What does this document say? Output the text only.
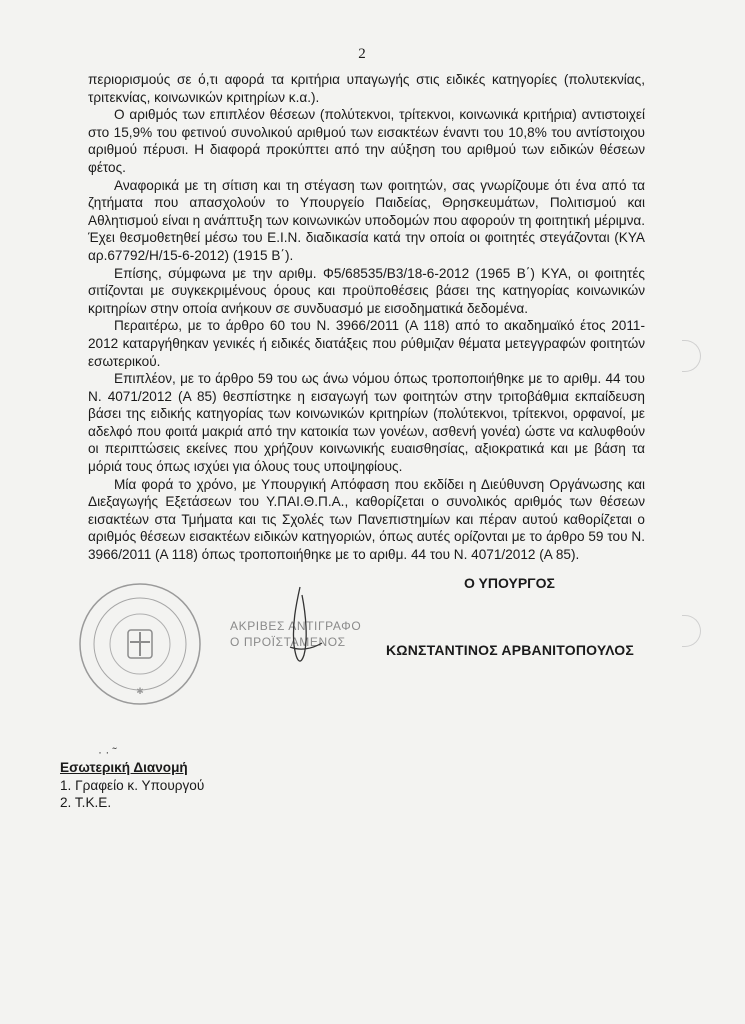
2

περιορισμούς σε ό,τι αφορά τα κριτήρια υπαγωγής στις ειδικές κατηγορίες (πολυτεκνίας, τριτεκνίας, κοινωνικών κριτηρίων κ.α.).

Ο αριθμός των επιπλέον θέσεων (πολύτεκνοι, τρίτεκνοι, κοινωνικά κριτήρια) αντιστοιχεί στο 15,9% του φετινού συνολικού αριθμού των εισακτέων έναντι του 10,8% του αντίστοιχου αριθμού πέρυσι. Η διαφορά προκύπτει από την αύξηση του αριθμού των ειδικών θέσεων φέτος.

Αναφορικά με τη σίτιση και τη στέγαση των φοιτητών, σας γνωρίζουμε ότι ένα από τα ζητήματα που απασχολούν το Υπουργείο Παιδείας, Θρησκευμάτων, Πολιτισμού και Αθλητισμού είναι η ανάπτυξη των κοινωνικών υποδομών που αφορούν τη φοιτητική μέριμνα. Έχει θεσμοθετηθεί μέσω του Ε.Ι.Ν. διαδικασία κατά την οποία οι φοιτητές στεγάζονται (ΚΥΑ αρ.67792/Η/15-6-2012) (1915 Β΄).

Επίσης, σύμφωνα με την αριθμ. Φ5/68535/Β3/18-6-2012 (1965 Β΄) ΚΥΑ, οι φοιτητές σιτίζονται με συγκεκριμένους όρους και προϋποθέσεις βάσει της κατηγορίας κοινωνικών κριτηρίων στην οποία ανήκουν σε συνδυασμό με εισοδηματικά δεδομένα.

Περαιτέρω, με το άρθρο 60 του Ν. 3966/2011 (Α 118) από το ακαδημαϊκό έτος 2011-2012 καταργήθηκαν γενικές ή ειδικές διατάξεις που ρύθμιζαν θέματα μετεγγραφών φοιτητών εσωτερικού.

Επιπλέον, με το άρθρο 59 του ως άνω νόμου όπως τροποποιήθηκε με το αριθμ. 44 του Ν. 4071/2012 (Α 85) θεσπίστηκε η εισαγωγή των φοιτητών στην τριτοβάθμια εκπαίδευση βάσει της ειδικής κατηγορίας των κοινωνικών κριτηρίων (πολύτεκνοι, τρίτεκνοι, ορφανοί, με αδελφό που φοιτά μακριά από την κατοικία των γονέων, ασθενή γονέα) ώστε να καλυφθούν οι περιπτώσεις εκείνες που χρήζουν κοινωνικής ευαισθησίας, αξιοκρατικά και με βάση τα μόριά τους όπως ισχύει για όλους τους υποψηφίους.

Μία φορά το χρόνο, με Υπουργική Απόφαση που εκδίδει η Διεύθυνση Οργάνωσης και Διεξαγωγής Εξετάσεων του Υ.ΠΑΙ.Θ.Π.Α., καθορίζεται ο συνολικός αριθμός των θέσεων εισακτέων στα Τμήματα και τις Σχολές των Πανεπιστημίων και πέραν αυτού καθορίζεται ο αριθμός θέσεων εισακτέων ειδικών κατηγοριών, όπως αυτές ορίζονται με το άρθρο 59 του Ν. 3966/2011 (Α 118) όπως τροποποιήθηκε με το αριθμ. 44 του Ν. 4071/2012 (Α 85).

Ο ΥΠΟΥΡΓΟΣ
✱
ΑΚΡΙΒΕΣ ΑΝΤΙΓΡΑΦΟ
Ο ΠΡΟΪΣΤΑΜΕΝΟΣ	ΚΩΝΣΤΑΝΤΙΝΟΣ ΑΡΒΑΝΙΤΟΠΟΥΛΟΣ
· · ˜
Εσωτερική Διανομή
1. Γραφείο κ. Υπουργού
2. Τ.Κ.Ε.
